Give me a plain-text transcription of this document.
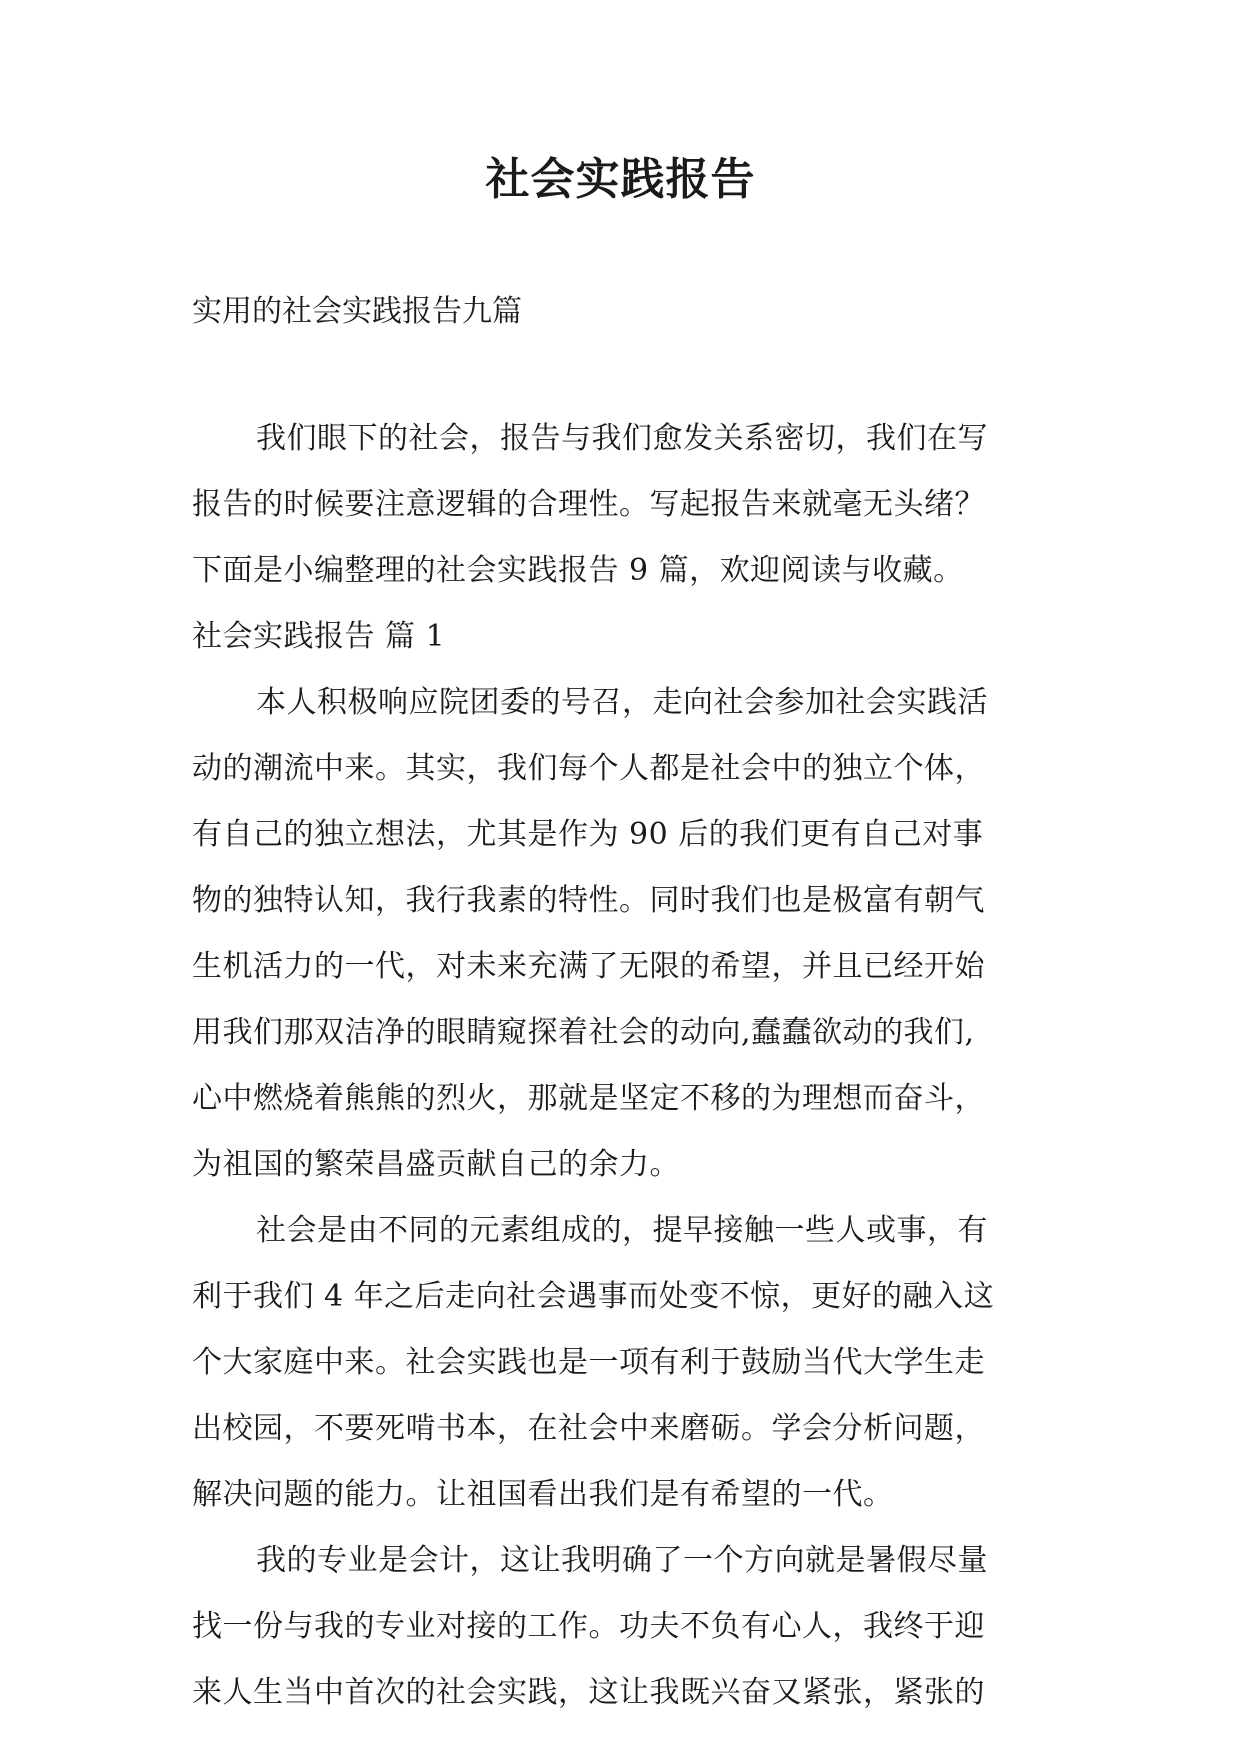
社会实践报告

实用的社会实践报告九篇

我们眼下的社会，报告与我们愈发关系密切，我们在写

报告的时候要注意逻辑的合理性。写起报告来就毫无头绪？

下面是小编整理的社会实践报告 9 篇，欢迎阅读与收藏。

社会实践报告 篇 1

本人积极响应院团委的号召，走向社会参加社会实践活

动的潮流中来。其实，我们每个人都是社会中的独立个体，

有自己的独立想法，尤其是作为 90 后的我们更有自己对事

物的独特认知，我行我素的特性。同时我们也是极富有朝气

生机活力的一代，对未来充满了无限的希望，并且已经开始

用我们那双洁净的眼睛窥探着社会的动向,蠢蠢欲动的我们,

心中燃烧着熊熊的烈火，那就是坚定不移的为理想而奋斗，

为祖国的繁荣昌盛贡献自己的余力。

社会是由不同的元素组成的，提早接触一些人或事，有

利于我们 4 年之后走向社会遇事而处变不惊，更好的融入这

个大家庭中来。社会实践也是一项有利于鼓励当代大学生走

出校园，不要死啃书本，在社会中来磨砺。学会分析问题，

解决问题的能力。让祖国看出我们是有希望的一代。

我的专业是会计，这让我明确了一个方向就是暑假尽量

找一份与我的专业对接的工作。功夫不负有心人，我终于迎

来人生当中首次的社会实践，这让我既兴奋又紧张，紧张的
